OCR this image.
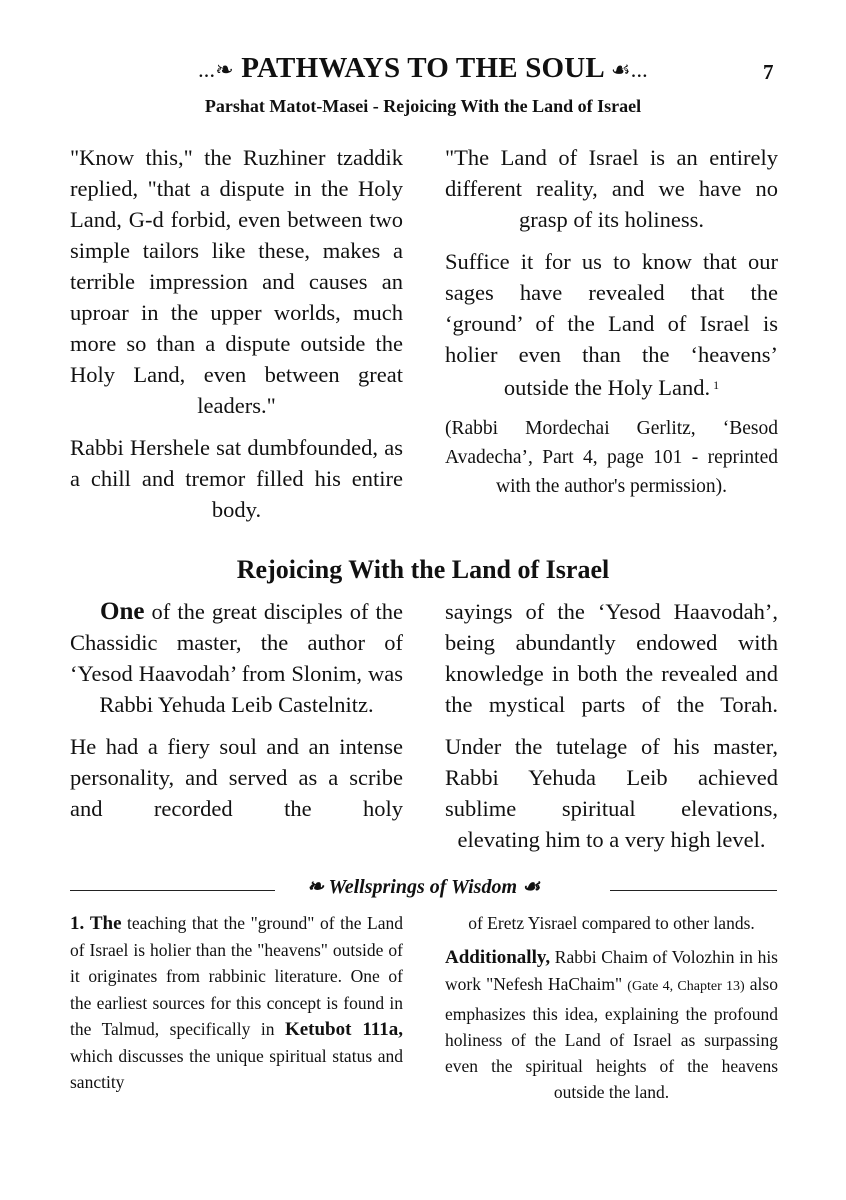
...❧ PATHWAYS TO THE SOUL ☙...	7
Parshat Matot-Masei - Rejoicing With the Land of Israel

"Know this," the Ruzhiner tzaddik replied, "that a dispute in the Holy Land, G-d forbid, even between two simple tailors like these, makes a terrible impression and causes an uproar in the upper worlds, much more so than a dispute outside the Holy Land, even between great leaders."

Rabbi Hershele sat dumbfounded, as a chill and tremor filled his entire body.

"The Land of Israel is an entirely different reality, and we have no grasp of its holiness.

Suffice it for us to know that our sages have revealed that the ‘ground’ of the Land of Israel is holier even than the ‘heavens’ outside the Holy Land. $^1$

(Rabbi Mordechai Gerlitz, ‘Besod Avadecha’, Part 4, page 101 - reprinted with the author's permission).

Rejoicing With the Land of Israel

One of the great disciples of the Chassidic master, the author of ‘Yesod Haavodah’ from Slonim, was Rabbi Yehuda Leib Castelnitz.

He had a fiery soul and an intense personality, and served as a scribe and recorded the holy

sayings of the ‘Yesod Haavodah’, being abundantly endowed with knowledge in both the revealed and the mystical parts of the Torah.

Under the tutelage of his master, Rabbi Yehuda Leib achieved sublime spiritual elevations, elevating him to a very high level.

❧ Wellsprings of Wisdom ☙

1. The teaching that the "ground" of the Land of Israel is holier than the "heavens" outside of it originates from rabbinic literature. One of the earliest sources for this concept is found in the Talmud, specifically in Ketubot 111a, which discusses the unique spiritual status and sanctity

of Eretz Yisrael compared to other lands.

Additionally, Rabbi Chaim of Volozhin in his work "Nefesh HaChaim" (Gate 4, Chapter 13) also emphasizes this idea, explaining the profound holiness of the Land of Israel as surpassing even the spiritual heights of the heavens outside the land.
